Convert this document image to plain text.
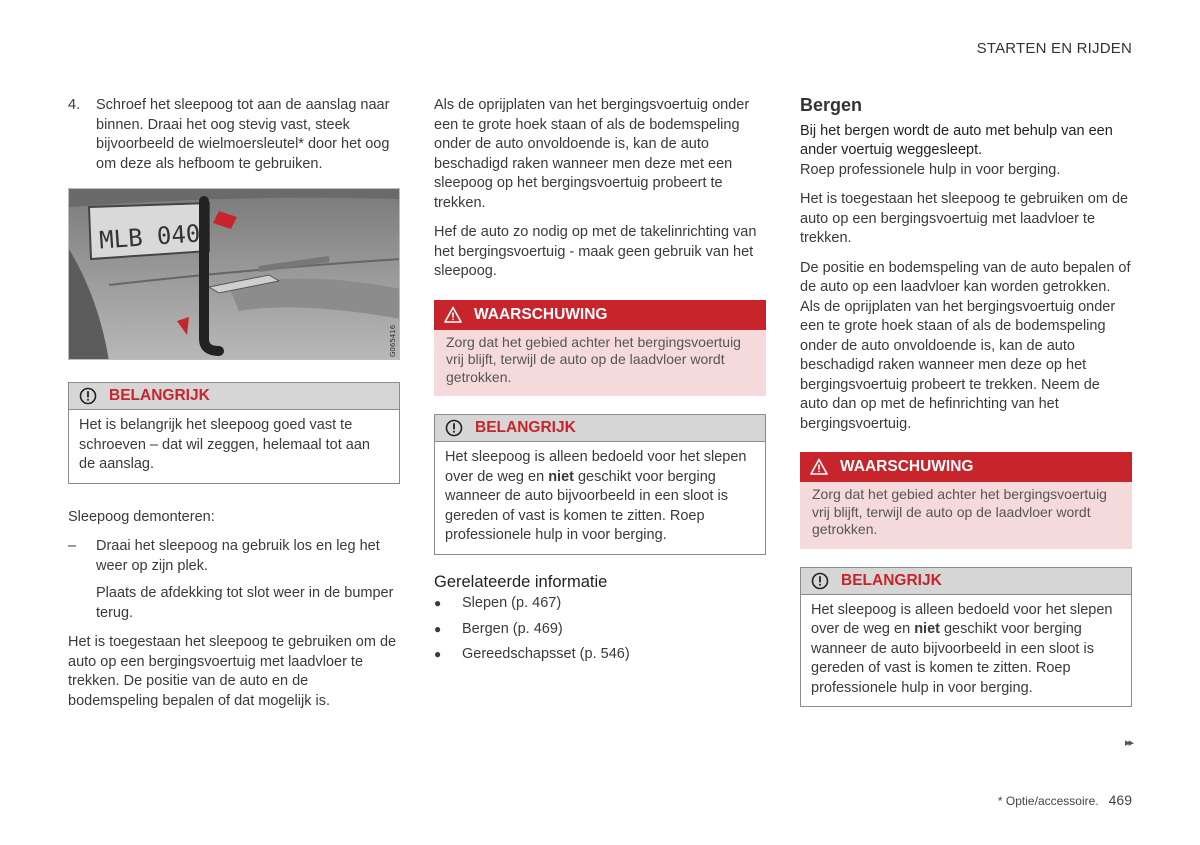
STARTEN EN RIJDEN
4.	Schroef het sleepoog tot aan de aanslag naar binnen. Draai het oog stevig vast, steek bijvoorbeeld de wielmoersleutel* door het oog om deze als hefboom te gebruiken.
MLB 040
G065416
BELANGRIJK
Het is belangrijk het sleepoog goed vast te schroeven – dat wil zeggen, helemaal tot aan de aanslag.

Sleepoog demonteren:

–	Draai het sleepoog na gebruik los en leg het weer op zijn plek.

Plaats de afdekking tot slot weer in de bumper terug.

Het is toegestaan het sleepoog te gebruiken om de auto op een bergingsvoertuig met laadvloer te trekken. De positie van de auto en de bodemspeling bepalen of dat mogelijk is.

Als de oprijplaten van het bergingsvoertuig onder een te grote hoek staan of als de bodemspeling onder de auto onvoldoende is, kan de auto beschadigd raken wanneer men deze met een sleepoog op het bergingsvoertuig probeert te trekken.

Hef de auto zo nodig op met de takelinrichting van het bergingsvoertuig - maak geen gebruik van het sleepoog.

WAARSCHUWING
Zorg dat het gebied achter het bergingsvoertuig vrij blijft, terwijl de auto op de laadvloer wordt getrokken.
BELANGRIJK
Het sleepoog is alleen bedoeld voor het slepen over de weg en niet geschikt voor berging wanneer de auto bijvoorbeeld in een sloot is gereden of vast is komen te zitten. Roep professionele hulp in voor berging.
Gerelateerde informatie
●	Slepen (p. 467)
●	Bergen (p. 469)
●	Gereedschapsset (p. 546)
Bergen

Bij het bergen wordt de auto met behulp van een ander voertuig weggesleept.

Roep professionele hulp in voor berging.

Het is toegestaan het sleepoog te gebruiken om de auto op een bergingsvoertuig met laadvloer te trekken.

De positie en bodemspeling van de auto bepalen of de auto op een laadvloer kan worden getrokken. Als de oprijplaten van het bergingsvoertuig onder een te grote hoek staan of als de bodemspeling onder de auto onvoldoende is, kan de auto beschadigd raken wanneer men deze op het bergingsvoertuig probeert te trekken. Neem de auto dan op met de hefinrichting van het bergingsvoertuig.

WAARSCHUWING
Zorg dat het gebied achter het bergingsvoertuig vrij blijft, terwijl de auto op de laadvloer wordt getrokken.
BELANGRIJK
Het sleepoog is alleen bedoeld voor het slepen over de weg en niet geschikt voor berging wanneer de auto bijvoorbeeld in een sloot is gereden of vast is komen te zitten. Roep professionele hulp in voor berging.
▸▸
* Optie/accessoire. 469
